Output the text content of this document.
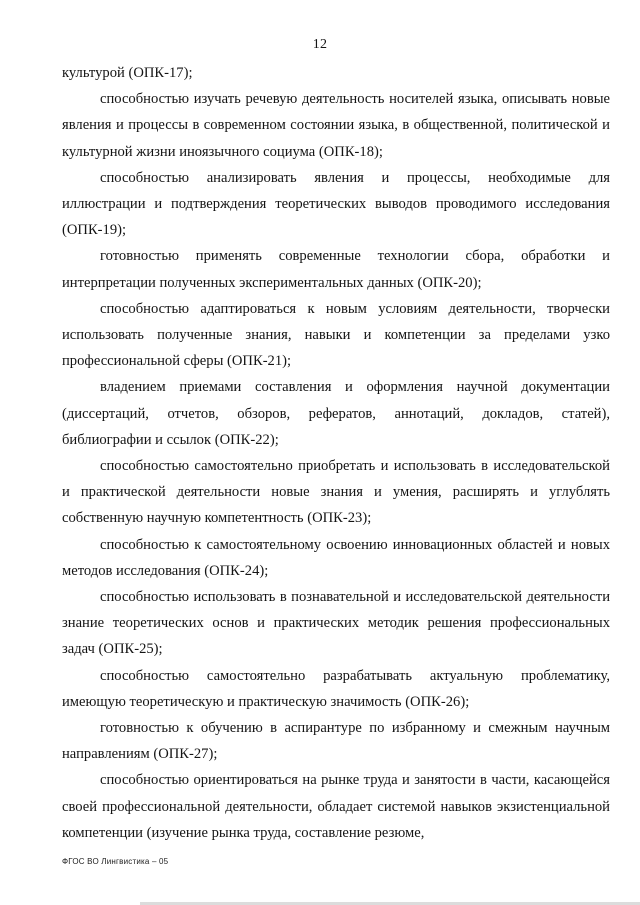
12

культурой (ОПК-17);

способностью изучать речевую деятельность носителей языка, описывать новые явления и процессы в современном состоянии языка, в общественной, политической и культурной жизни иноязычного социума (ОПК-18);

способностью анализировать явления и процессы, необходимые для иллюстрации и подтверждения теоретических выводов проводимого исследования (ОПК-19);

готовностью применять современные технологии сбора, обработки и интерпретации полученных экспериментальных данных (ОПК-20);

способностью адаптироваться к новым условиям деятельности, творчески использовать полученные знания, навыки и компетенции за пределами узко профессиональной сферы (ОПК-21);

владением приемами составления и оформления научной документации (диссертаций, отчетов, обзоров, рефератов, аннотаций, докладов, статей), библиографии и ссылок (ОПК-22);

способностью самостоятельно приобретать и использовать в исследовательской и практической деятельности новые знания и умения, расширять и углублять собственную научную компетентность (ОПК-23);

способностью к самостоятельному освоению инновационных областей и новых методов исследования (ОПК-24);

способностью использовать в познавательной и исследовательской деятельности знание теоретических основ и практических методик решения профессиональных задач (ОПК-25);

способностью самостоятельно разрабатывать актуальную проблематику, имеющую теоретическую и практическую значимость (ОПК-26);

готовностью к обучению в аспирантуре по избранному и смежным научным направлениям (ОПК-27);

способностью ориентироваться на рынке труда и занятости в части, касающейся своей профессиональной деятельности, обладает системой навыков экзистенциальной компетенции (изучение рынка труда, составление резюме,

ФГОС ВО Лингвистика – 05
